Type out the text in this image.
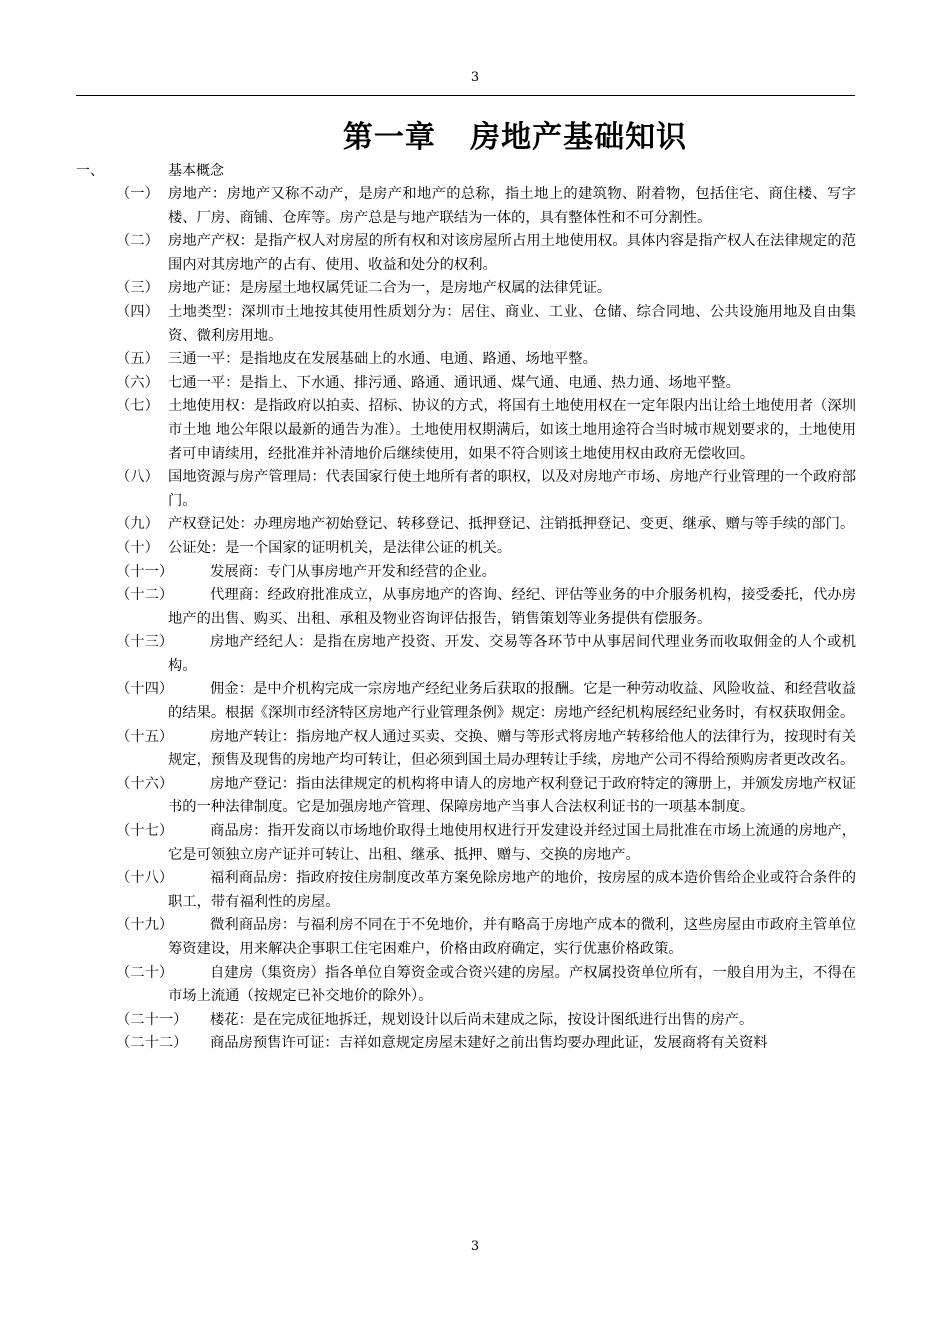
3
第一章   房地产基础知识
一、	基本概念
（一） 房地产：房地产又称不动产，是房产和地产的总称，指土地上的建筑物、附着物，包括住宅、商住楼、写字楼、厂房、商铺、仓库等。房产总是与地产联结为一体的，具有整体性和不可分割性。
（二） 房地产产权：是指产权人对房屋的所有权和对该房屋所占用土地使用权。具体内容是指产权人在法律规定的范围内对其房地产的占有、使用、收益和处分的权利。
（三） 房地产证：是房屋土地权属凭证二合为一，是房地产权属的法律凭证。
（四） 土地类型：深圳市土地按其使用性质划分为：居住、商业、工业、仓储、综合同地、公共设施用地及自由集资、微利房用地。
（五） 三通一平：是指地皮在发展基础上的水通、电通、路通、场地平整。
（六） 七通一平：是指上、下水通、排污通、路通、通讯通、煤气通、电通、热力通、场地平整。
（七） 土地使用权：是指政府以拍卖、招标、协议的方式，将国有土地使用权在一定年限内出让给土地使用者（深圳市土地 地公年限以最新的通告为准）。土地使用权期满后，如该土地用途符合当时城市规划要求的，土地使用者可申请续用，经批准并补清地价后继续使用，如果不符合则该土地使用权由政府无偿收回。
（八） 国地资源与房产管理局：代表国家行使土地所有者的职权，以及对房地产市场、房地产行业管理的一个政府部门。
（九） 产权登记处：办理房地产初始登记、转移登记、抵押登记、注销抵押登记、变更、继承、赠与等手续的部门。
（十） 公证处：是一个国家的证明机关，是法律公证的机关。
（十一）	发展商：专门从事房地产开发和经营的企业。
（十二）	代理商：经政府批准成立，从事房地产的咨询、经纪、评估等业务的中介服务机构，接受委托，代办房地产的出售、购买、出租、承租及物业咨询评估报告，销售策划等业务提供有偿服务。
（十三）	房地产经纪人：是指在房地产投资、开发、交易等各环节中从事居间代理业务而收取佣金的人个或机构。
（十四）	佣金：是中介机构完成一宗房地产经纪业务后获取的报酬。它是一种劳动收益、风险收益、和经营收益的结果。根据《深圳市经济特区房地产行业管理条例》规定：房地产经纪机构展经纪业务时，有权获取佣金。
（十五）	房地产转让：指房地产权人通过买卖、交换、赠与等形式将房地产转移给他人的法律行为，按现时有关规定，预售及现售的房地产均可转让，但必须到国土局办理转让手续，房地产公司不得给预购房者更改改名。
（十六）	房地产登记：指由法律规定的机构将申请人的房地产权利登记于政府特定的簿册上，并颁发房地产权证书的一种法律制度。它是加强房地产管理、保障房地产当事人合法权利证书的一项基本制度。
（十七）	商品房：指开发商以市场地价取得土地使用权进行开发建设并经过国土局批准在市场上流通的房地产，它是可领独立房产证并可转让、出租、继承、抵押、赠与、交换的房地产。
（十八）	福利商品房：指政府按住房制度改革方案免除房地产的地价，按房屋的成本造价售给企业或符合条件的职工，带有福利性的房屋。
（十九）	微利商品房：与福利房不同在于不免地价，并有略高于房地产成本的微利，这些房屋由市政府主管单位筹资建设，用来解决企事职工住宅困难户，价格由政府确定，实行优惠价格政策。
（二十）	自建房（集资房）指各单位自筹资金或合资兴建的房屋。产权属投资单位所有，一般自用为主，不得在市场上流通（按规定已补交地价的除外）。
（二十一）	楼花：是在完成征地拆迁，规划设计以后尚未建成之际，按设计图纸进行出售的房产。
（二十二）	商品房预售许可证：吉祥如意规定房屋未建好之前出售均要办理此证，发展商将有关资料
3
